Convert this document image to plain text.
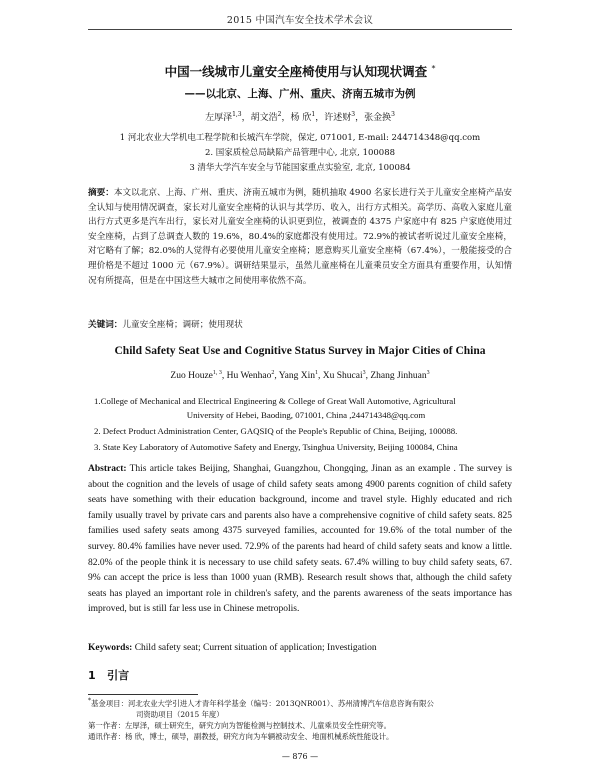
2015 中国汽车安全技术学术会议
中国一线城市儿童安全座椅使用与认知现状调查 *
——以北京、上海、广州、重庆、济南五城市为例
左厚泽$^{1,3}$，胡文浩$^2$，杨 欣$^1$，许述财$^3$，张金换$^3$
1 河北农业大学机电工程学院和长城汽车学院，保定, 071001, E-mail: 244714348@qq.com
2. 国家质检总局缺陷产品管理中心, 北京, 100088
3 清华大学汽车安全与节能国家重点实验室, 北京, 100084
摘要：本文以北京、上海、广州、重庆、济南五城市为例，随机抽取 4900 名家长进行关于儿童安全座椅产品安全认知与使用情况调查，家长对儿童安全座椅的认识与其学历、收入，出行方式相关。高学历、高收入家庭儿童出行方式更多是汽车出行，家长对儿童安全座椅的认识更到位，被调查的 4375 户家庭中有 825 户家庭使用过安全座椅，占到了总调查人数的 19.6%，80.4%的家庭都没有使用过。72.9%的被试者听说过儿童安全座椅，对它略有了解；82.0%的人觉得有必要使用儿童安全座椅；愿意购买儿童安全座椅（67.4%），一般能接受的合理价格是不超过 1000 元（67.9%）。调研结果显示，虽然儿童座椅在儿童乘员安全方面具有重要作用，认知情况有所提高，但是在中国这些大城市之间使用率依然不高。
关键词：儿童安全座椅；调研；使用现状
Child Safety Seat Use and Cognitive Status Survey in Major Cities of China
Zuo Houze$^{1, 3}$, Hu Wenhao$^2$, Yang Xin$^1$, Xu Shucai$^3$, Zhang Jinhuan$^3$
1.College of Mechanical and Electrical Engineering & College of Great Wall Automotive, Agricultural
University of Hebei, Baoding, 071001, China ,244714348@qq.com
2. Defect Product Administration Center, GAQSIQ of the People's Republic of China, Beijing, 100088.
3. State Key Laboratory of Automotive Safety and Energy, Tsinghua University, Beijing 100084, China
Abstract: This article takes Beijing, Shanghai, Guangzhou, Chongqing, Jinan as an example . The survey is about the cognition and the levels of usage of child safety seats among 4900 parents cognition of child safety seats have something with their education background, income and travel style. Highly educated and rich family usually travel by private cars and parents also have a comprehensive cognitive of child safety seats. 825 families used safety seats among 4375 surveyed families, accounted for 19.6% of the total number of the survey. 80.4% families have never used. 72.9% of the parents had heard of child safety seats and know a little. 82.0% of the people think it is necessary to use child safety seats. 67.4% willing to buy child safety seats, 67. 9% can accept the price is less than 1000 yuan (RMB). Research result shows that, although the child safety seats has played an important role in children's safety, and the parents awareness of the seats importance has improved, but is still far less use in Chinese metropolis.
Keywords: Child safety seat; Current situation of application; Investigation
1 引言
*基金项目：河北农业大学引进人才青年科学基金（编号：2013QNR001）、苏州清博汽车信息咨询有限公
司资助项目（2015 年度）
第一作者：左厚泽，硕士研究生，研究方向为智能检测与控制技术、儿童乘员安全性研究等。
通讯作者：杨 欣，博士，硕导，副教授，研究方向为车辆被动安全、地面机械系统性能设计。
— 876 —
